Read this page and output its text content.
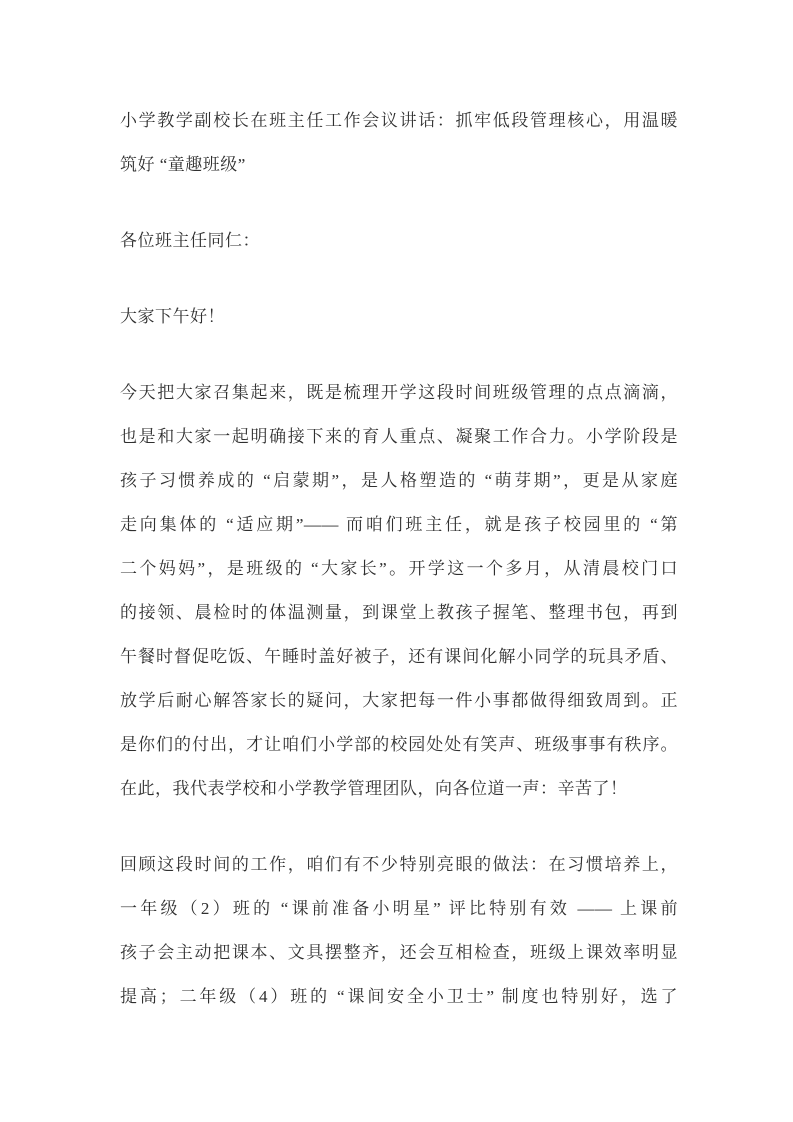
小学教学副校长在班主任工作会议讲话：抓牢低段管理核心，用温暖
筑好 “童趣班级”
各位班主任同仁：
大家下午好！
今天把大家召集起来，既是梳理开学这段时间班级管理的点点滴滴，
也是和大家一起明确接下来的育人重点、凝聚工作合力。小学阶段是
孩子习惯养成的 “启蒙期”，是人格塑造的 “萌芽期”，更是从家庭
走向集体的 “适应期”—— 而咱们班主任，就是孩子校园里的 “第
二个妈妈”，是班级的 “大家长”。开学这一个多月，从清晨校门口
的接领、晨检时的体温测量，到课堂上教孩子握笔、整理书包，再到
午餐时督促吃饭、午睡时盖好被子，还有课间化解小同学的玩具矛盾、
放学后耐心解答家长的疑问，大家把每一件小事都做得细致周到。正
是你们的付出，才让咱们小学部的校园处处有笑声、班级事事有秩序。
在此，我代表学校和小学教学管理团队，向各位道一声：辛苦了！
回顾这段时间的工作，咱们有不少特别亮眼的做法：在习惯培养上，
一年级（2）班的 “课前准备小明星” 评比特别有效 —— 上课前
孩子会主动把课本、文具摆整齐，还会互相检查，班级上课效率明显
提高；二年级（4）班的 “课间安全小卫士” 制度也特别好，选了
